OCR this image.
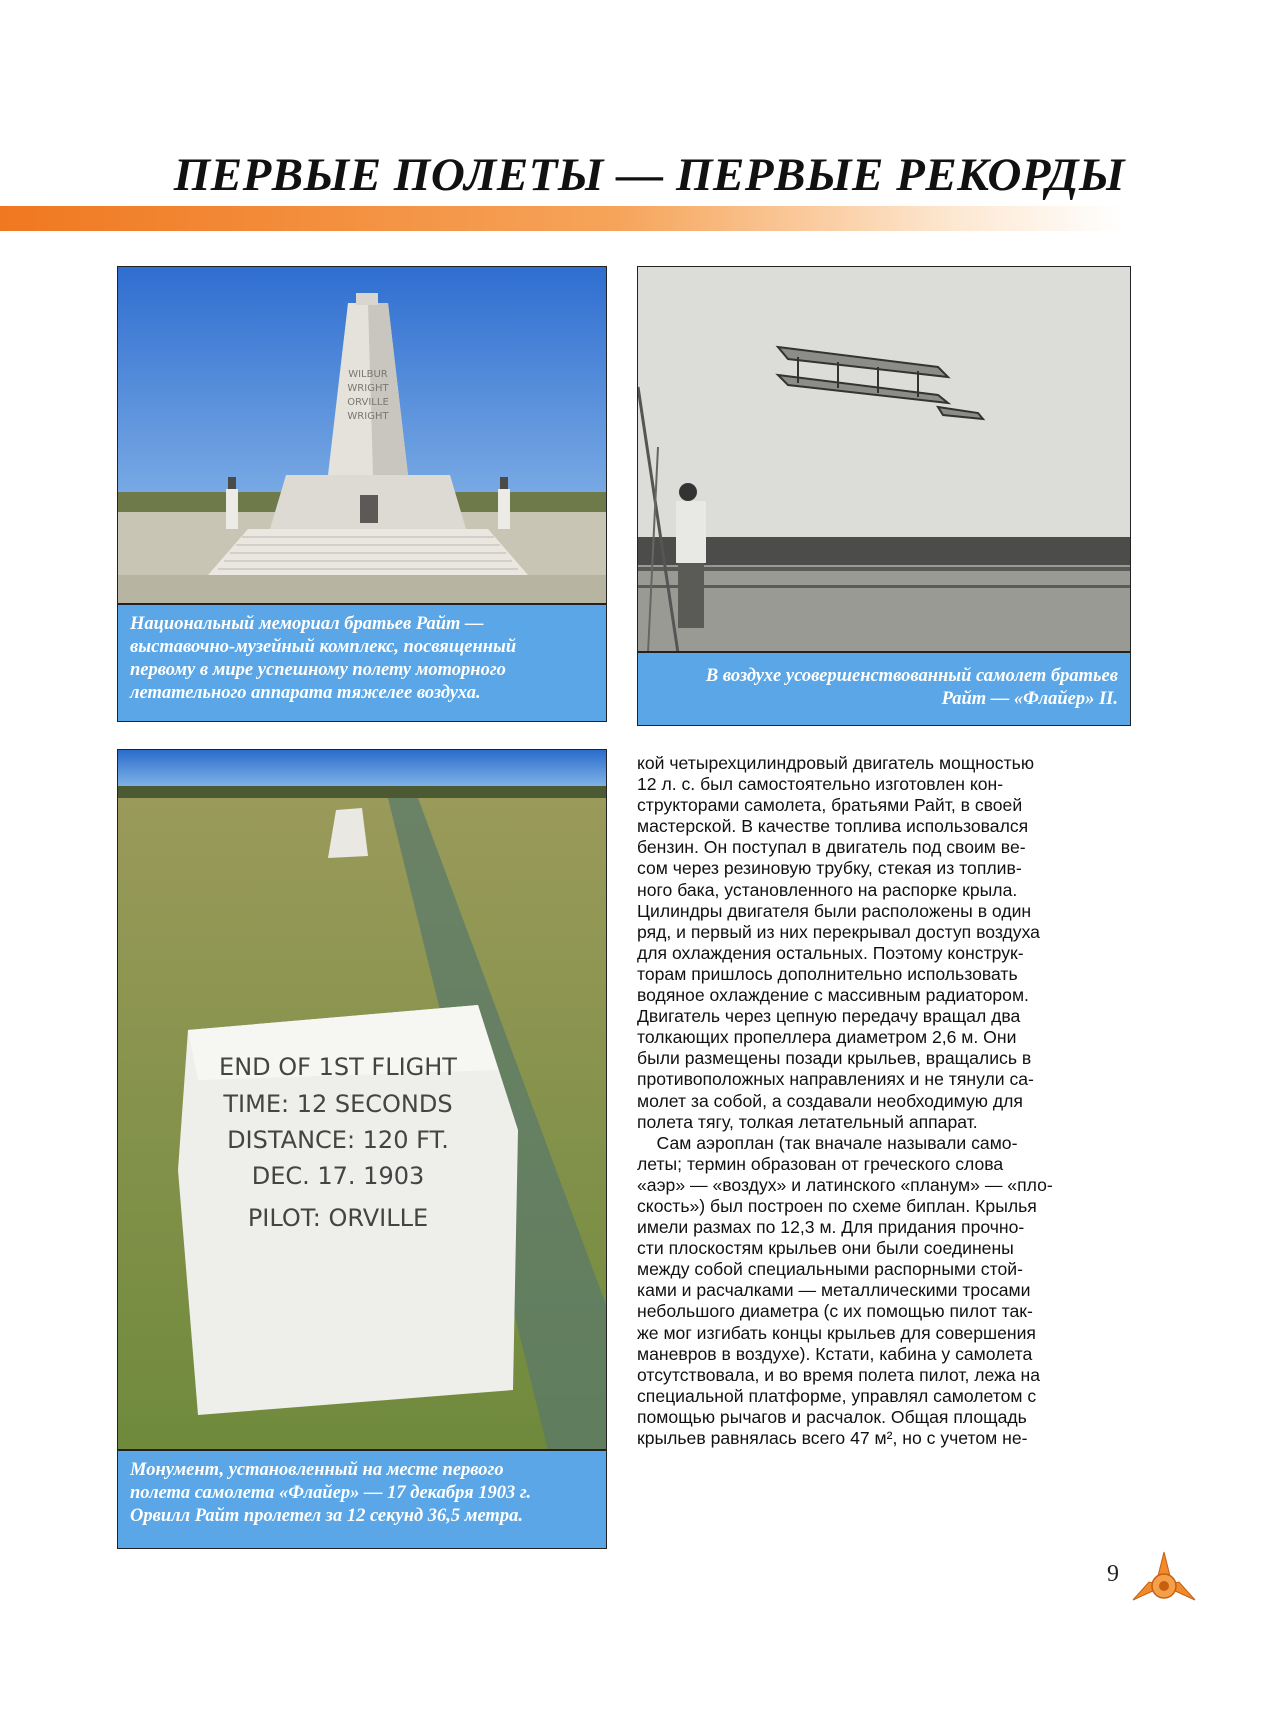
ПЕРВЫЕ ПОЛЕТЫ — ПЕРВЫЕ РЕКОРДЫ
WILBUR
WRIGHT
ORVILLE
WRIGHT
Национальный мемориал братьев Райт —
выставочно-музейный комплекс, посвященный
первому в мире успешному полету моторного
летательного аппарата тяжелее воздуха.
В воздухе усовершенствованный самолет братьев
Райт — «Флайер» II.
END OF 1ST FLIGHT
TIME: 12 SECONDS
DISTANCE: 120 FT.
DEC. 17. 1903
PILOT: ORVILLE
Монумент, установленный на месте первого
полета самолета «Флайер» — 17 декабря 1903 г.
Орвилл Райт пролетел за 12 секунд 36,5 метра.
кой четырехцилиндровый двигатель мощностью
12 л. с. был самостоятельно изготовлен кон-
структорами самолета, братьями Райт, в своей
мастерской. В качестве топлива использовался
бензин. Он поступал в двигатель под своим ве-
сом через резиновую трубку, стекая из топлив-
ного бака, установленного на распорке крыла.
Цилиндры двигателя были расположены в один
ряд, и первый из них перекрывал доступ воздуха
для охлаждения остальных. Поэтому конструк-
торам пришлось дополнительно использовать
водяное охлаждение с массивным радиатором.
Двигатель через цепную передачу вращал два
толкающих пропеллера диаметром 2,6 м. Они
были размещены позади крыльев, вращались в
противоположных направлениях и не тянули са-
молет за собой, а создавали необходимую для
полета тягу, толкая летательный аппарат.
Сам аэроплан (так вначале называли само-
леты; термин образован от греческого слова
«аэр» — «воздух» и латинского «планум» — «пло-
скость») был построен по схеме биплан. Крылья
имели размах по 12,3 м. Для придания прочно-
сти плоскостям крыльев они были соединены
между собой специальными распорными стой-
ками и расчалками — металлическими тросами
небольшого диаметра (с их помощью пилот так-
же мог изгибать концы крыльев для совершения
маневров в воздухе). Кстати, кабина у самолета
отсутствовала, и во время полета пилот, лежа на
специальной платформе, управлял самолетом с
помощью рычагов и расчалок. Общая площадь
крыльев равнялась всего 47 м², но с учетом не-
9
